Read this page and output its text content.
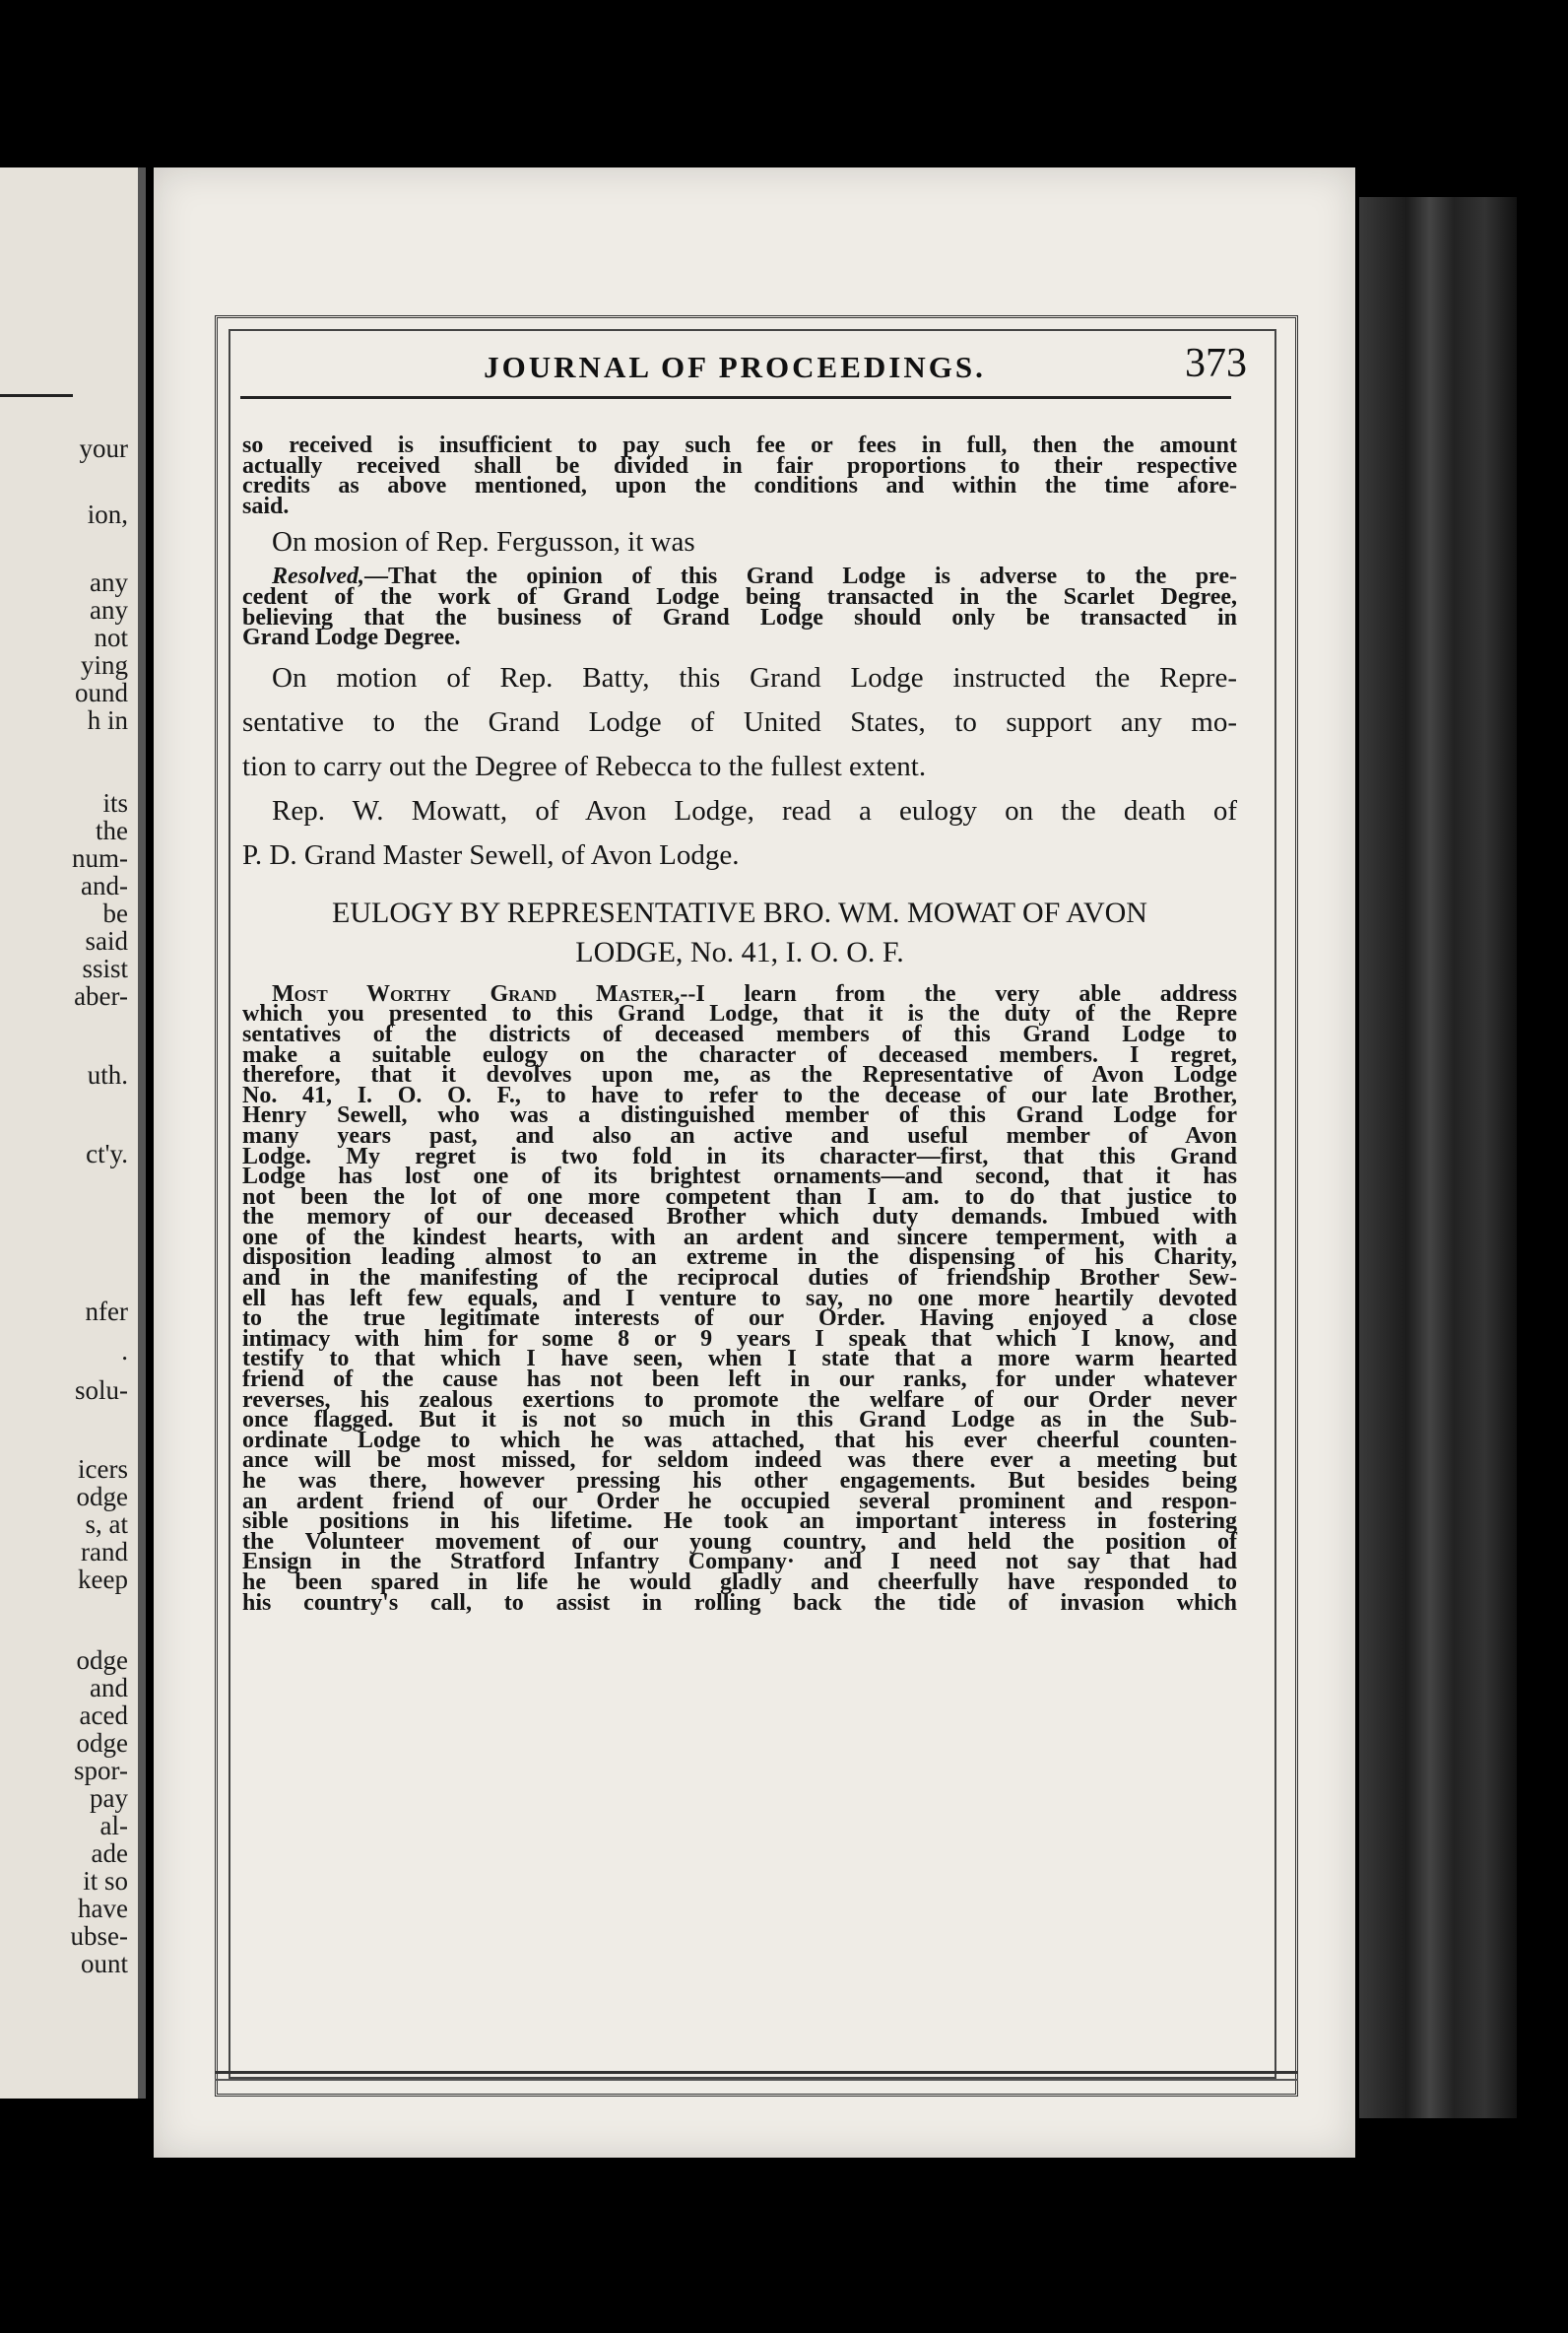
your
ion,
any
any
not
ying
ound
h in
its
the
num-
and-
be
said
ssist
aber-
uth.
ct'y.
nfer
.
solu-
icers
odge
s, at
rand
keep
odge
and
aced
odge
spor-
pay
al-
ade
it so
have
ubse-
ount
JOURNAL OF PROCEEDINGS.	373

so received is insufficient to pay such fee or fees in full, then the amount

actually received shall be divided in fair proportions to their respective

credits as above mentioned, upon the conditions and within the time afore-

said.

On mosion of Rep. Fergusson, it was

Resolved,—That the opinion of this Grand Lodge is adverse to the pre-

cedent of the work of Grand Lodge being transacted in the Scarlet Degree,

believing that the business of Grand Lodge should only be transacted in

Grand Lodge Degree.

On motion of Rep. Batty, this Grand Lodge instructed the Repre-

sentative to the Grand Lodge of United States, to support any mo-

tion to carry out the Degree of Rebecca to the fullest extent.

Rep. W. Mowatt, of Avon Lodge, read a eulogy on the death of

P. D. Grand Master Sewell, of Avon Lodge.

EULOGY BY REPRESENTATIVE BRO. WM. MOWAT OF AVON

LODGE, No. 41, I. O. O. F.

Most Worthy Grand Master,--I learn from the very able address

which you presented to this Grand Lodge, that it is the duty of the Repre

sentatives of the districts of deceased members of this Grand Lodge to

make a suitable eulogy on the character of deceased members. I regret,

therefore, that it devolves upon me, as the Representative of Avon Lodge

No. 41, I. O. O. F., to have to refer to the decease of our late Brother,

Henry Sewell, who was a distinguished member of this Grand Lodge for

many years past, and also an active and useful member of Avon

Lodge. My regret is two fold in its character—first, that this Grand

Lodge has lost one of its brightest ornaments—and second, that it has

not been the lot of one more competent than I am. to do that justice to

the memory of our deceased Brother which duty demands. Imbued with

one of the kindest hearts, with an ardent and sincere temperment, with a

disposition leading almost to an extreme in the dispensing of his Charity,

and in the manifesting of the reciprocal duties of friendship Brother Sew-

ell has left few equals, and I venture to say, no one more heartily devoted

to the true legitimate interests of our Order. Having enjoyed a close

intimacy with him for some 8 or 9 years I speak that which I know, and

testify to that which I have seen, when I state that a more warm hearted

friend of the cause has not been left in our ranks, for under whatever

reverses, his zealous exertions to promote the welfare of our Order never

once flagged. But it is not so much in this Grand Lodge as in the Sub-

ordinate Lodge to which he was attached, that his ever cheerful counten-

ance will be most missed, for seldom indeed was there ever a meeting but

he was there, however pressing his other engagements. But besides being

an ardent friend of our Order he occupied several prominent and respon-

sible positions in his lifetime. He took an important interess in fostering

the Volunteer movement of our young country, and held the position of

Ensign in the Stratford Infantry Company· and I need not say that had

he been spared in life he would gladly and cheerfully have responded to

his country's call, to assist in rolling back the tide of invasion which
